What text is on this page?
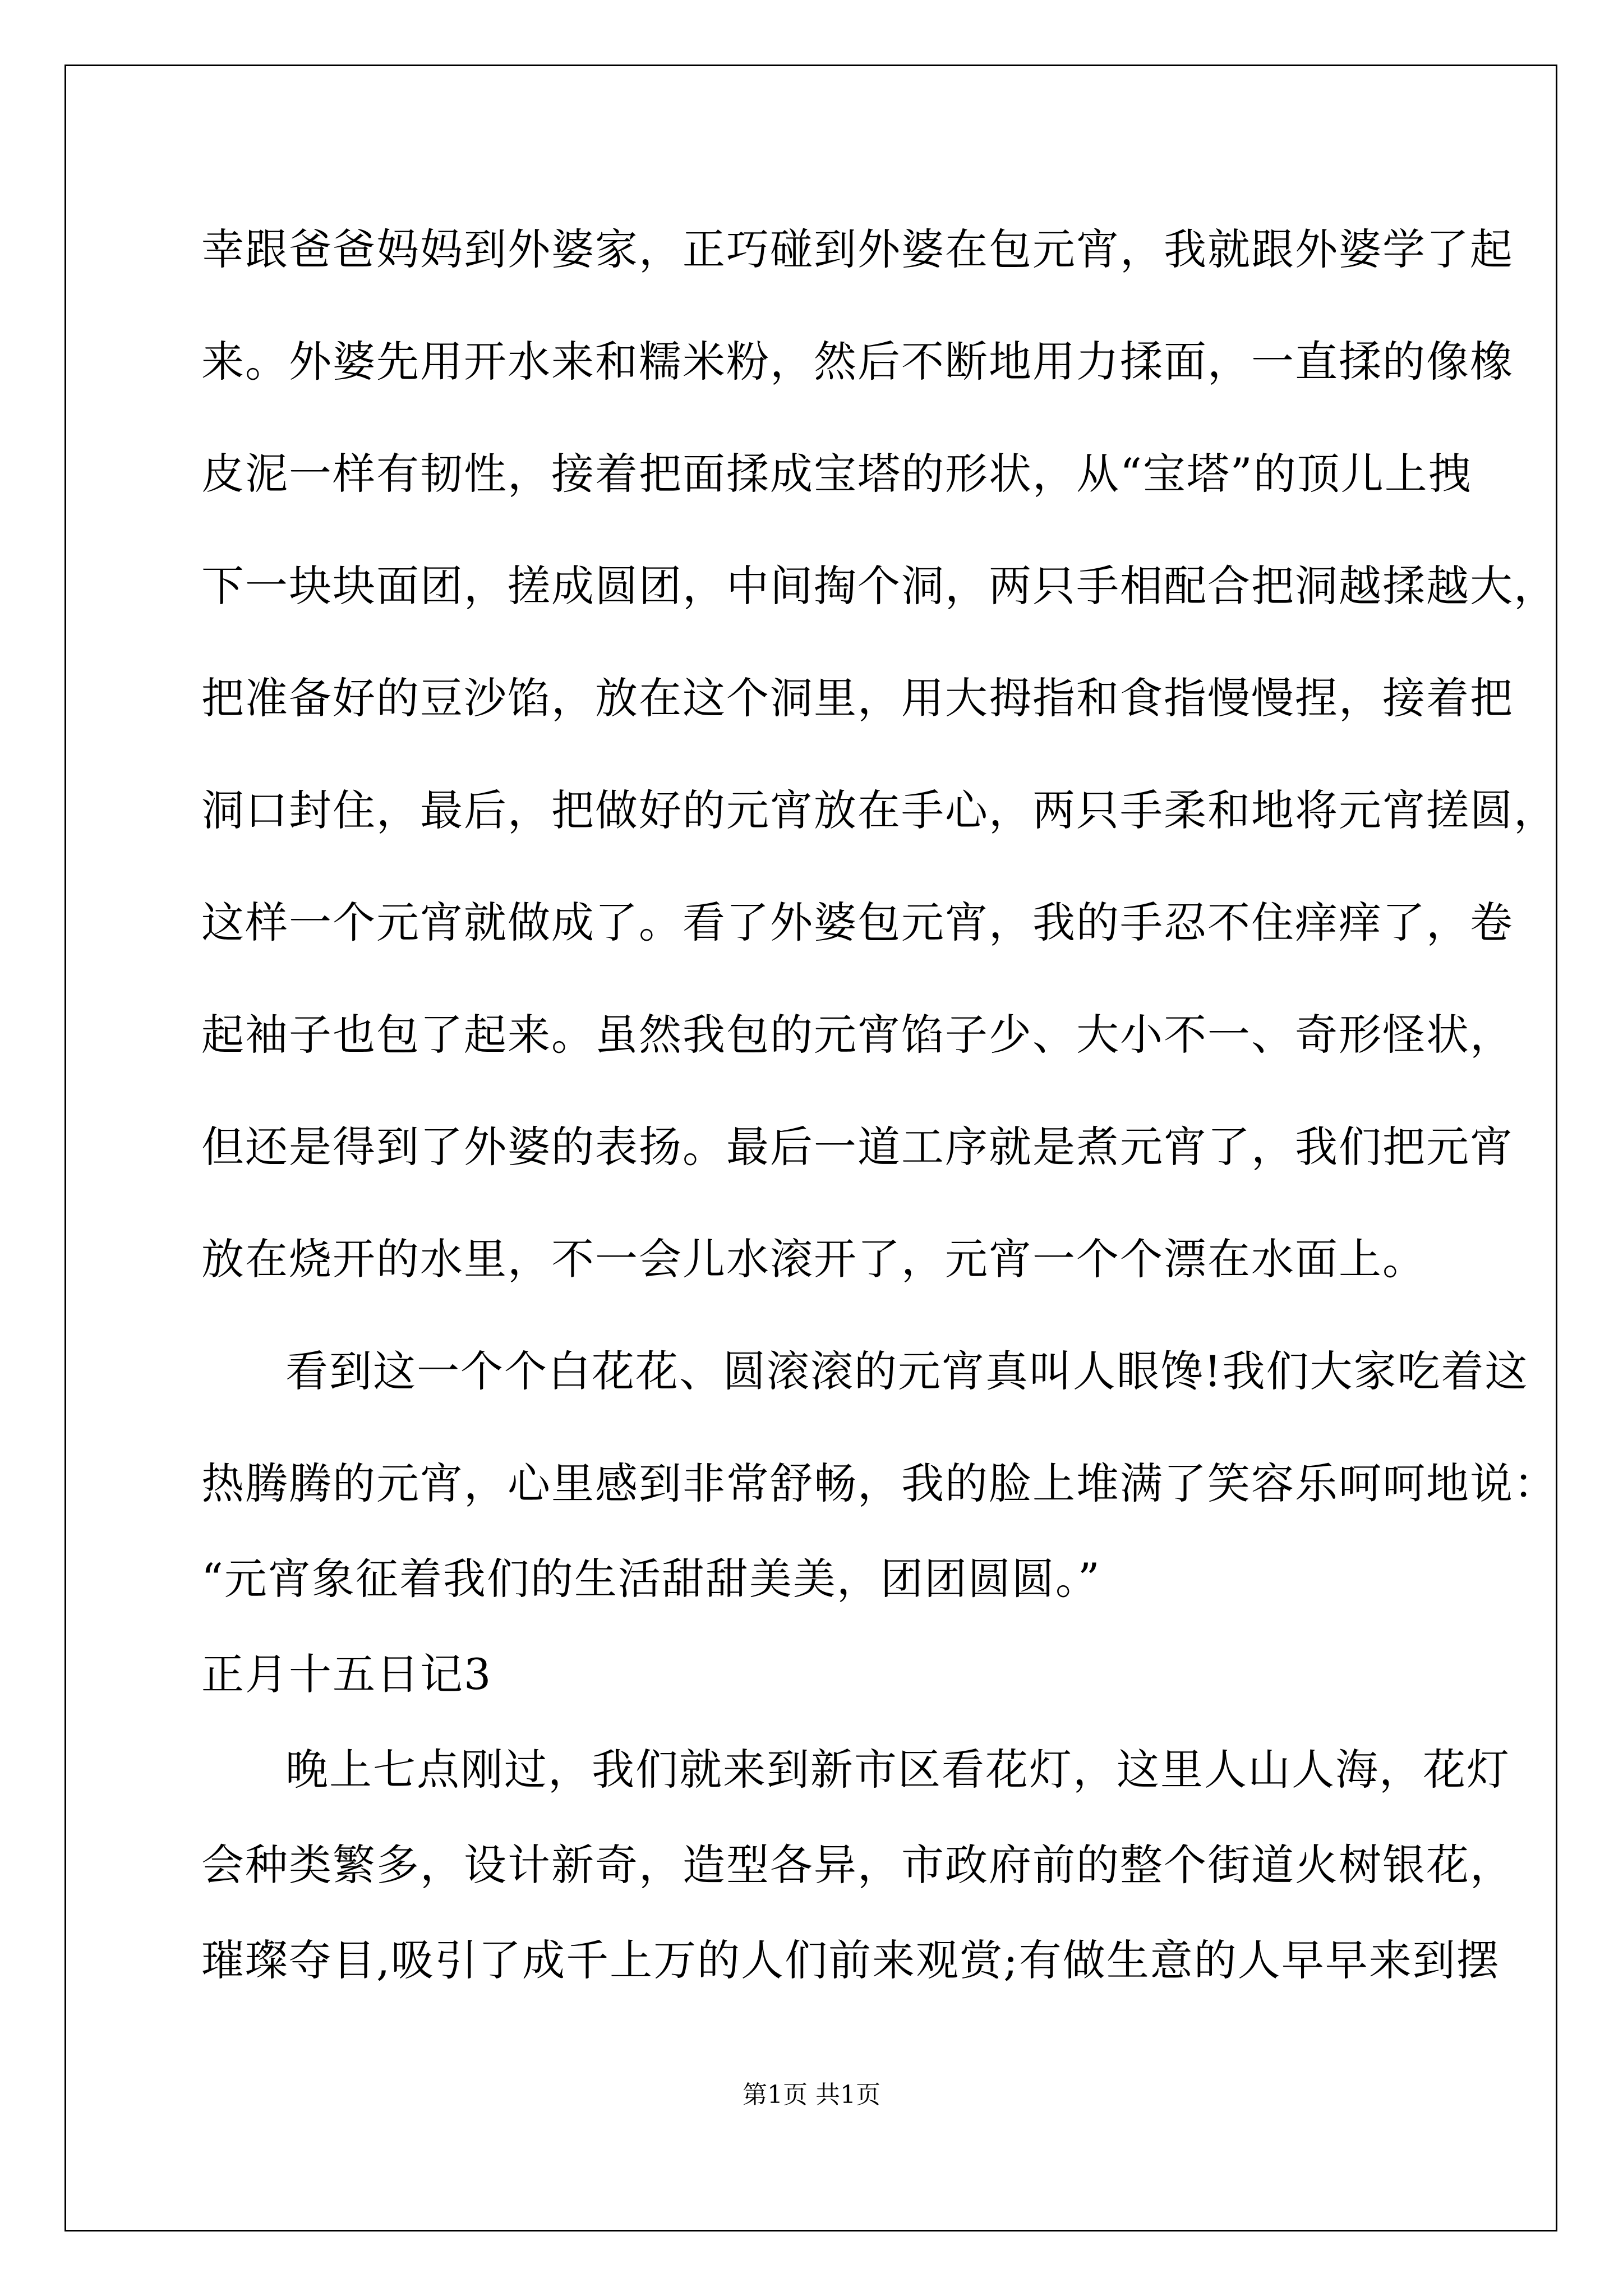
幸跟爸爸妈妈到外婆家，正巧碰到外婆在包元宵，我就跟外婆学了起
来。外婆先用开水来和糯米粉，然后不断地用力揉面，一直揉的像橡
皮泥一样有韧性，接着把面揉成宝塔的形状，从“宝塔”的顶儿上拽
下一块块面团，搓成圆团，中间掏个洞，两只手相配合把洞越揉越大，
把准备好的豆沙馅，放在这个洞里，用大拇指和食指慢慢捏，接着把
洞口封住，最后，把做好的元宵放在手心，两只手柔和地将元宵搓圆，
这样一个元宵就做成了。看了外婆包元宵，我的手忍不住痒痒了，卷
起袖子也包了起来。虽然我包的元宵馅子少、大小不一、奇形怪状，
但还是得到了外婆的表扬。最后一道工序就是煮元宵了，我们把元宵
放在烧开的水里，不一会儿水滚开了，元宵一个个漂在水面上。
看到这一个个白花花、圆滚滚的元宵真叫人眼馋!我们大家吃着这
热腾腾的元宵，心里感到非常舒畅，我的脸上堆满了笑容乐呵呵地说：
“元宵象征着我们的生活甜甜美美，团团圆圆。”
正月十五日记3
晚上七点刚过，我们就来到新市区看花灯，这里人山人海，花灯
会种类繁多，设计新奇，造型各异，市政府前的整个街道火树银花，
璀璨夺目,吸引了成千上万的人们前来观赏;有做生意的人早早来到摆
第1页 共1页
